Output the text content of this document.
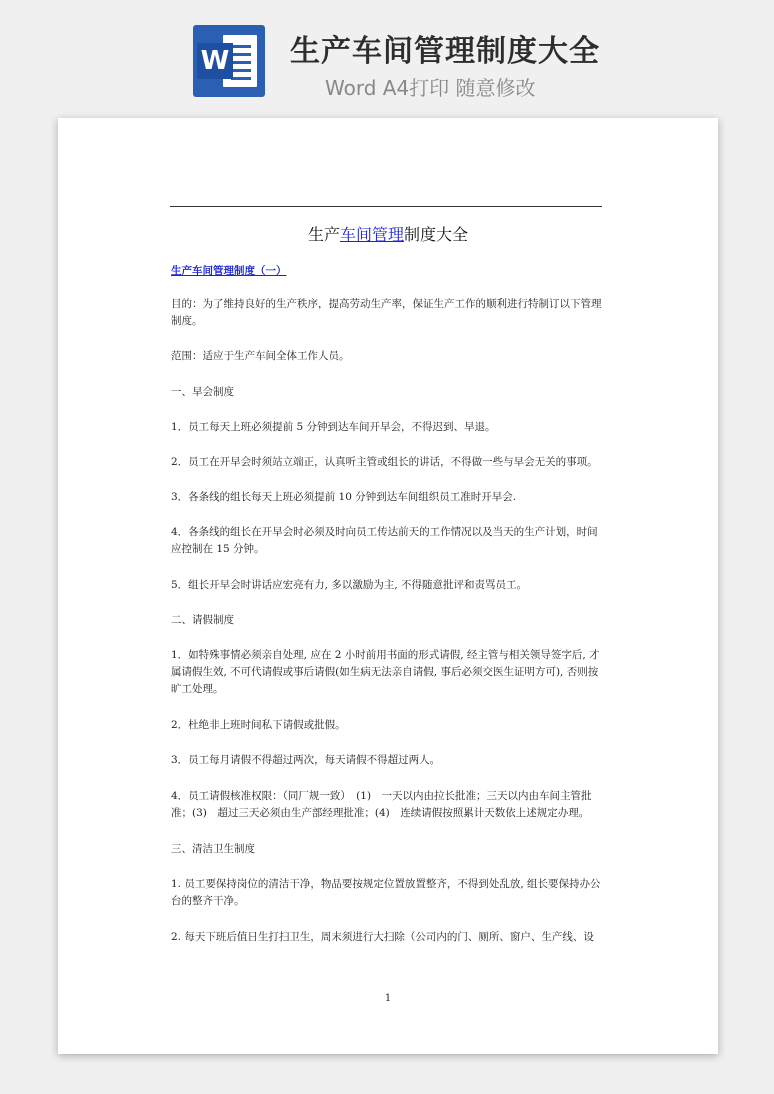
W 生产车间管理制度大全
Word A4打印 随意修改
生产车间管理制度大全
生产车间管理制度（一）

目的：为了维持良好的生产秩序，提高劳动生产率，保证生产工作的顺利进行特制订以下管理制度。

范围：适应于生产车间全体工作人员。

一、早会制度

1．员工每天上班必须提前 5 分钟到达车间开早会，不得迟到、早退。

2．员工在开早会时须站立端正，认真听主管或组长的讲话，不得做一些与早会无关的事项。

3．各条线的组长每天上班必须提前 10 分钟到达车间组织员工准时开早会.

4．各条线的组长在开早会时必须及时向员工传达前天的工作情况以及当天的生产计划，时间应控制在 15 分钟。

5．组长开早会时讲话应宏亮有力, 多以激励为主, 不得随意批评和责骂员工。

二、请假制度

1．如特殊事情必须亲自处理, 应在 2 小时前用书面的形式请假, 经主管与相关领导签字后, 才属请假生效, 不可代请假或事后请假(如生病无法亲自请假, 事后必须交医生证明方可), 否则按旷工处理。

2．杜绝非上班时间私下请假或批假。

3．员工每月请假不得超过两次，每天请假不得超过两人。

4．员工请假核准权限：（同厂规一致）　(1)　一天以内由拉长批准；三天以内由车间主管批准；(3)　超过三天必须由生产部经理批准；(4)　连续请假按照累计天数依上述规定办理。

三、清洁卫生制度

1. 员工要保持岗位的清洁干净，物品要按规定位置放置整齐，不得到处乱放, 组长要保持办公台的整齐干净。

2. 每天下班后值日生打扫卫生，周末须进行大扫除（公司内的门、厕所、窗户、生产线、设

1
